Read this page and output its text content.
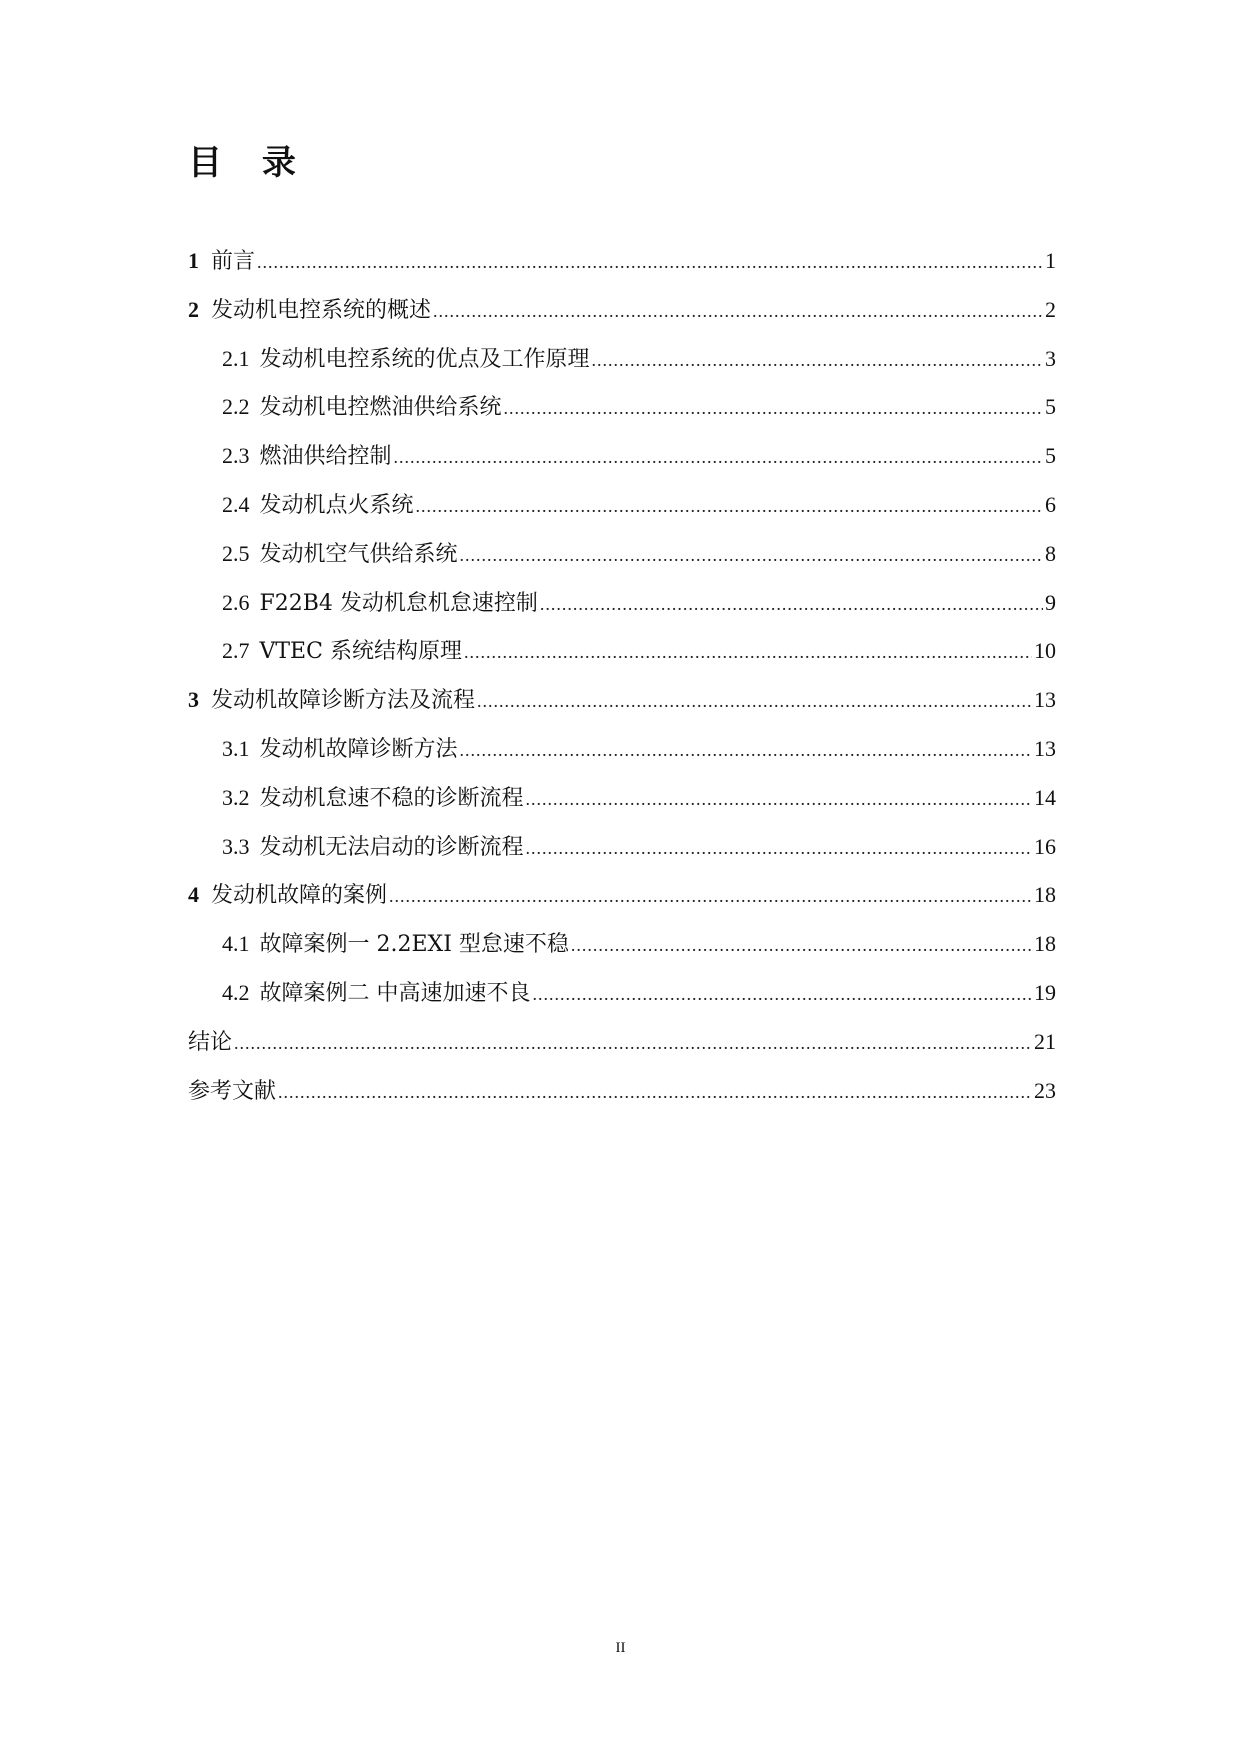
目 录
1 前言 .....	1
2 发动机电控系统的概述 .....	2
2.1 发动机电控系统的优点及工作原理 .....	3
2.2 发动机电控燃油供给系统 .....	5
2.3 燃油供给控制 .....	5
2.4 发动机点火系统 .....	6
2.5 发动机空气供给系统 .....	8
2.6 F22B4 发动机怠机怠速控制 .....	9
2.7 VTEC 系统结构原理 .....	10
3 发动机故障诊断方法及流程 .....	13
3.1 发动机故障诊断方法 .....	13
3.2 发动机怠速不稳的诊断流程 .....	14
3.3 发动机无法启动的诊断流程 .....	16
4 发动机故障的案例 .....	18
4.1 故障案例一 2.2EXI 型怠速不稳 .....	18
4.2 故障案例二 中高速加速不良 .....	19
结论 .....	21
参考文献 .....	23
II
